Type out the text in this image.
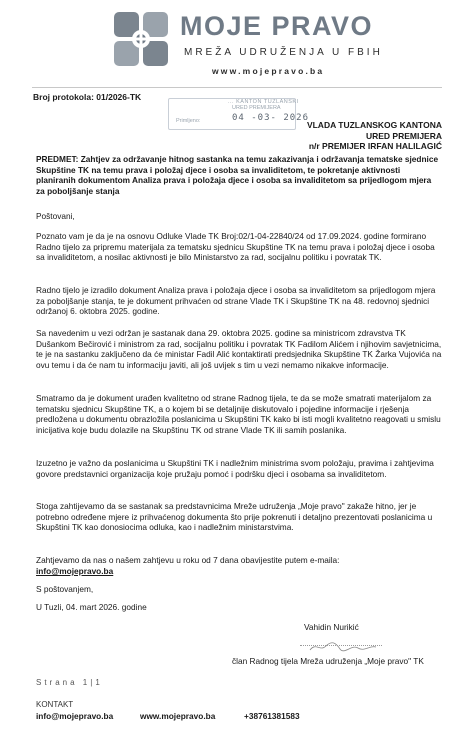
MOJE PRAVO
MREŽA UDRUŽENJA U FBIH
www.mojepravo.ba
Broj protokola: 01/2026-TK	... KANTON TUZLANSKI
URED PREMIJERA
04 -03- 2026
Primljeno:	VLADA TUZLANSKOG KANTONA
URED PREMIJERA
n/r PREMIJER IRFAN HALILAGIĆ
PREDMET: Zahtjev za održavanje hitnog sastanka na temu zakazivanja i održavanja tematske sjednice Skupštine TK na temu prava i položaj djece i osoba sa invaliditetom, te pokretanje aktivnosti planiranih dokumentom Analiza prava i položaja djece i osoba sa invaliditetom sa prijedlogom mjera za poboljšanje stanja
Poštovani,
Poznato vam je da je na osnovu Odluke Vlade TK Broj:02/1-04-22840/24 od 17.09.2024. godine formirano Radno tijelo za pripremu materijala za tematsku sjednicu Skupštine TK na temu prava i položaj djece i osoba sa invaliditetom, a nosilac aktivnosti je bilo Ministarstvo za rad, socijalnu politiku i povratak TK.
Radno tijelo je izradilo dokument Analiza prava i položaja djece i osoba sa invaliditetom sa prijedlogom mjera za poboljšanje stanja, te je dokument prihvaćen od strane Vlade TK i Skupštine TK na 48. redovnoj sjednici održanoj 6. oktobra 2025. godine.
Sa navedenim u vezi održan je sastanak dana 29. oktobra 2025. godine sa ministricom zdravstva TK Dušankom Bečirović i ministrom za rad, socijalnu politiku i povratak TK Fadilom Alićem i njihovim savjetnicima, te je na sastanku zaključeno da će ministar Fadil Alić kontaktirati predsjednika Skupštine TK Žarka Vujovića na ovu temu i da će nam tu informaciju javiti, ali još uvijek s tim u vezi nemamo nikakve informacije.
Smatramo da je dokument urađen kvalitetno od strane Radnog tijela, te da se može smatrati materijalom za tematsku sjednicu Skupštine TK, a o kojem bi se detaljnije diskutovalo i pojedine informacije i rješenja predložena u dokumentu obrazložila poslanicima u Skupštini TK kako bi isti mogli kvalitetno reagovati u smislu inicijativa koje budu dolazile na Skupštinu TK od strane Vlade TK ili samih poslanika.
Izuzetno je važno da poslanicima u Skupštini TK i nadležnim ministrima svom položaju, pravima i zahtjevima govore predstavnici organizacija koje pružaju pomoć i podršku djeci i osobama sa invaliditetom.
Stoga zahtijevamo da se sastanak sa predstavnicima Mreže udruženja „Moje pravo" zakaže hitno, jer je potrebno određene mjere iz prihvaćenog dokumenta što prije pokrenuti i detaljno prezentovati poslanicima u Skupštini TK kao donosiocima odluka, kao i nadležnim ministarstvima.
Zahtjevamo da nas o našem zahtjevu u roku od 7 dana obavijestite putem e-maila:
info@mojepravo.ba
S poštovanjem,
U Tuzli, 04. mart 2026. godine
Vahidin Nurikić
član Radnog tijela Mreža udruženja „Moje pravo" TK
Strana 1|1
KONTAKT
info@mojepravo.ba	www.mojepravo.ba	+38761381583
